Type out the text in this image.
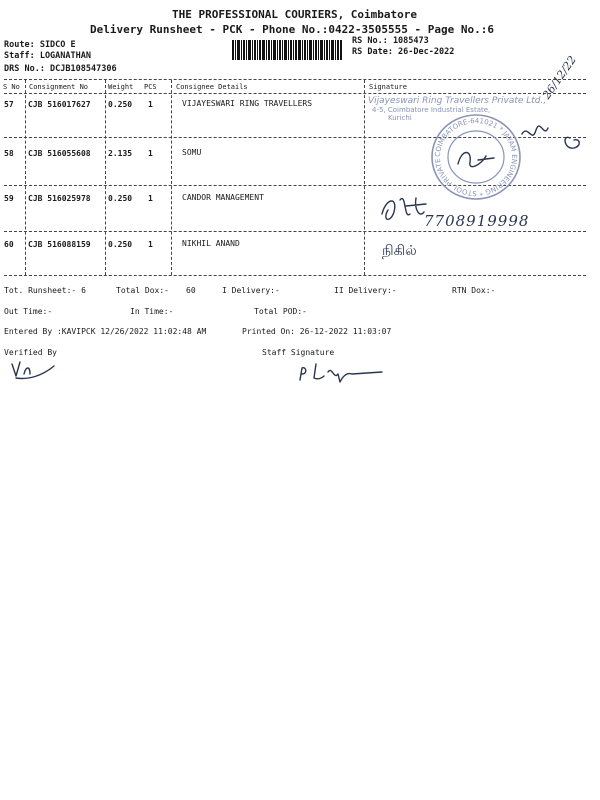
THE PROFESSIONAL COURIERS, Coimbatore
Delivery Runsheet - PCK - Phone No.:0422-3505555 - Page No.:6
Route: SIDCO E
Staff: LOGANATHAN
DRS No.: DCJB108547306
RS No.: 1085473
RS Date: 26-Dec-2022
S No Consignment No	Weight PCS	Consignee Details	Signature
57 CJB 516017627 0.250 1	VIJAYESWARI RING TRAVELLERS
58 CJB 516055608 2.135 1	SOMU
59 CJB 516025978 0.250 1	CANDOR MANAGEMENT
60 CJB 516088159 0.250 1	NIKHIL ANAND
Vijayeswari Ring Travellers Private Ltd.,
4-5, Coimbatore Industrial Estate,
Kurichi
COIMBATORE-641021 * JAYAM ENGINEERING * STOOL PRIVATE
26/12/22
7708919998
நிகில்
Tot. Runsheet:- 6	Total Dox:- 60	I Delivery:-	II Delivery:-	RTN Dox:-
Out Time:-	In Time:-	Total POD:-
Entered By :KAVIPCK 12/26/2022 11:02:48 AM	Printed On: 26-12-2022 11:03:07
Verified By	Staff Signature
